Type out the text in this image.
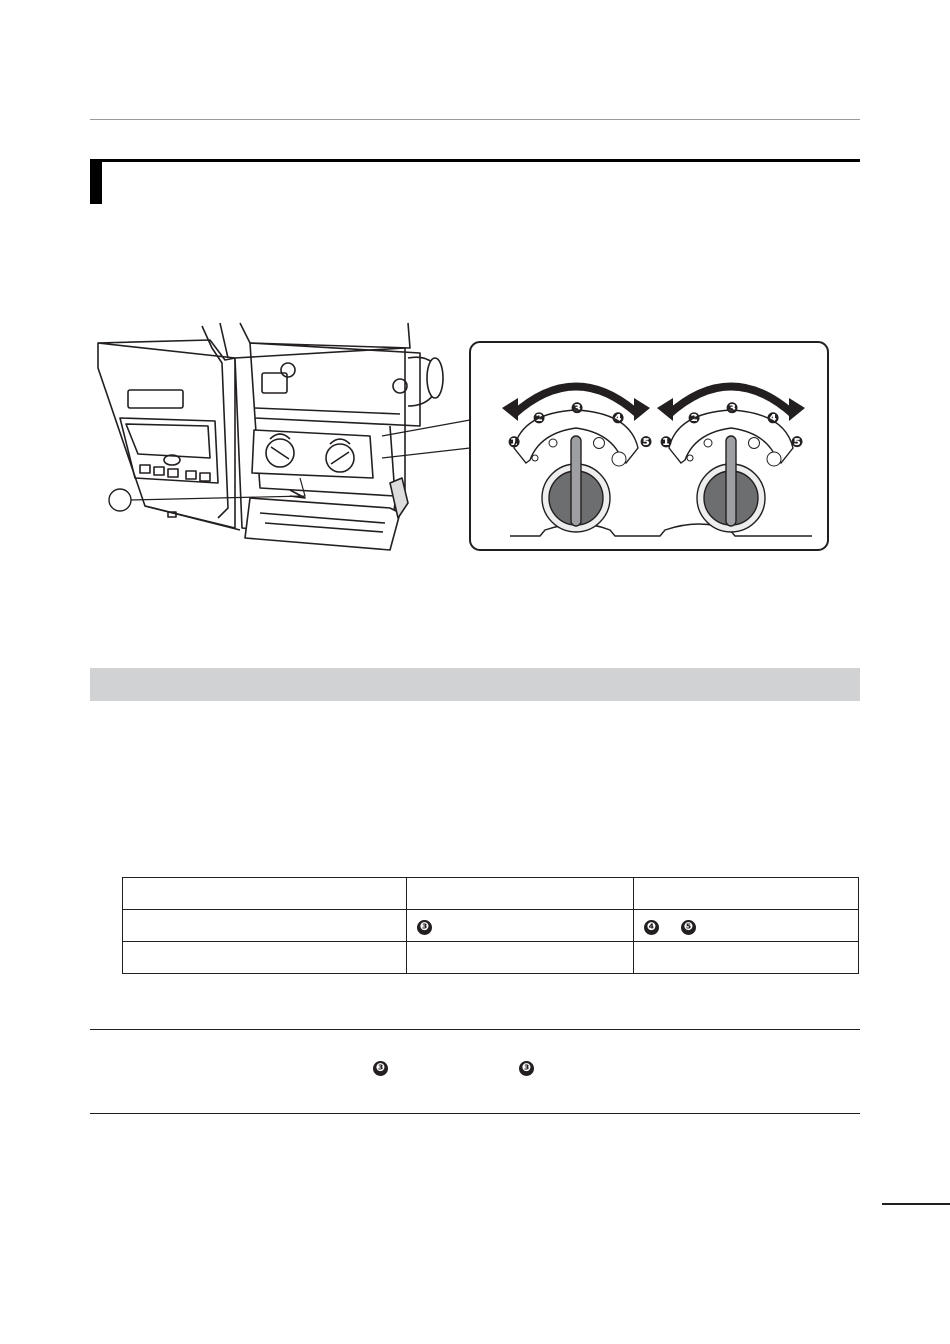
❶
❷
❸
❹
❺ ❶
❷
❸
❹
❺

	❸	❹ ❺

❸	❸
